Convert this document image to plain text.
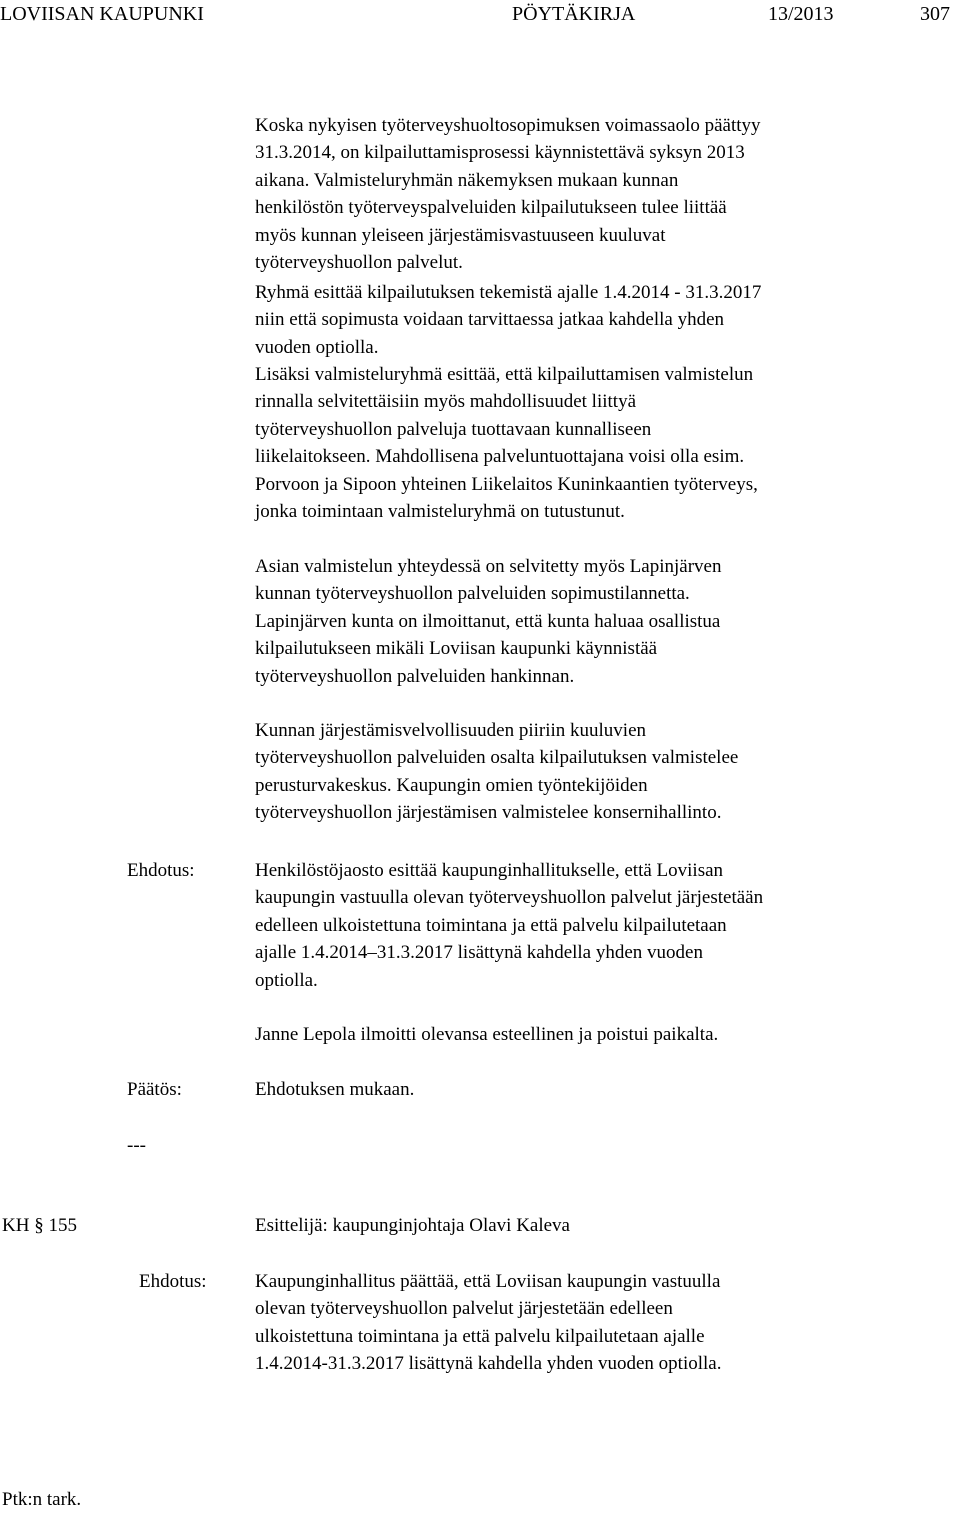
LOVIISAN KAUPUNKI	PÖYTÄKIRJA	13/2013	307
Koska nykyisen työterveyshuoltosopimuksen voimassaolo päättyy
31.3.2014, on kilpailuttamisprosessi käynnistettävä syksyn 2013
aikana. Valmisteluryhmän näkemyksen mukaan kunnan
henkilöstön työterveyspalveluiden kilpailutukseen tulee liittää
myös kunnan yleiseen järjestämisvastuuseen kuuluvat
työterveyshuollon palvelut.
Ryhmä esittää kilpailutuksen tekemistä ajalle 1.4.2014 - 31.3.2017
niin että sopimusta voidaan tarvittaessa jatkaa kahdella yhden
vuoden optiolla.
Lisäksi valmisteluryhmä esittää, että kilpailuttamisen valmistelun
rinnalla selvitettäisiin myös mahdollisuudet liittyä
työterveyshuollon palveluja tuottavaan kunnalliseen
liikelaitokseen. Mahdollisena palveluntuottajana voisi olla esim.
Porvoon ja Sipoon yhteinen Liikelaitos Kuninkaantien työterveys,
jonka toimintaan valmisteluryhmä on tutustunut.
Asian valmistelun yhteydessä on selvitetty myös Lapinjärven
kunnan työterveyshuollon palveluiden sopimustilannetta.
Lapinjärven kunta on ilmoittanut, että kunta haluaa osallistua
kilpailutukseen mikäli Loviisan kaupunki käynnistää
työterveyshuollon palveluiden hankinnan.
Kunnan järjestämisvelvollisuuden piiriin kuuluvien
työterveyshuollon palveluiden osalta kilpailutuksen valmistelee
perusturvakeskus. Kaupungin omien työntekijöiden
työterveyshuollon järjestämisen valmistelee konsernihallinto.
Ehdotus:	Henkilöstöjaosto esittää kaupunginhallitukselle, että Loviisan
kaupungin vastuulla olevan työterveyshuollon palvelut järjestetään
edelleen ulkoistettuna toimintana ja että palvelu kilpailutetaan
ajalle 1.4.2014–31.3.2017 lisättynä kahdella yhden vuoden
optiolla.
Janne Lepola ilmoitti olevansa esteellinen ja poistui paikalta.
Päätös:	Ehdotuksen mukaan.
---
KH § 155	Esittelijä: kaupunginjohtaja Olavi Kaleva
Ehdotus:	Kaupunginhallitus päättää, että Loviisan kaupungin vastuulla
olevan työterveyshuollon palvelut järjestetään edelleen
ulkoistettuna toimintana ja että palvelu kilpailutetaan ajalle
1.4.2014-31.3.2017 lisättynä kahdella yhden vuoden optiolla.
Ptk:n tark.
